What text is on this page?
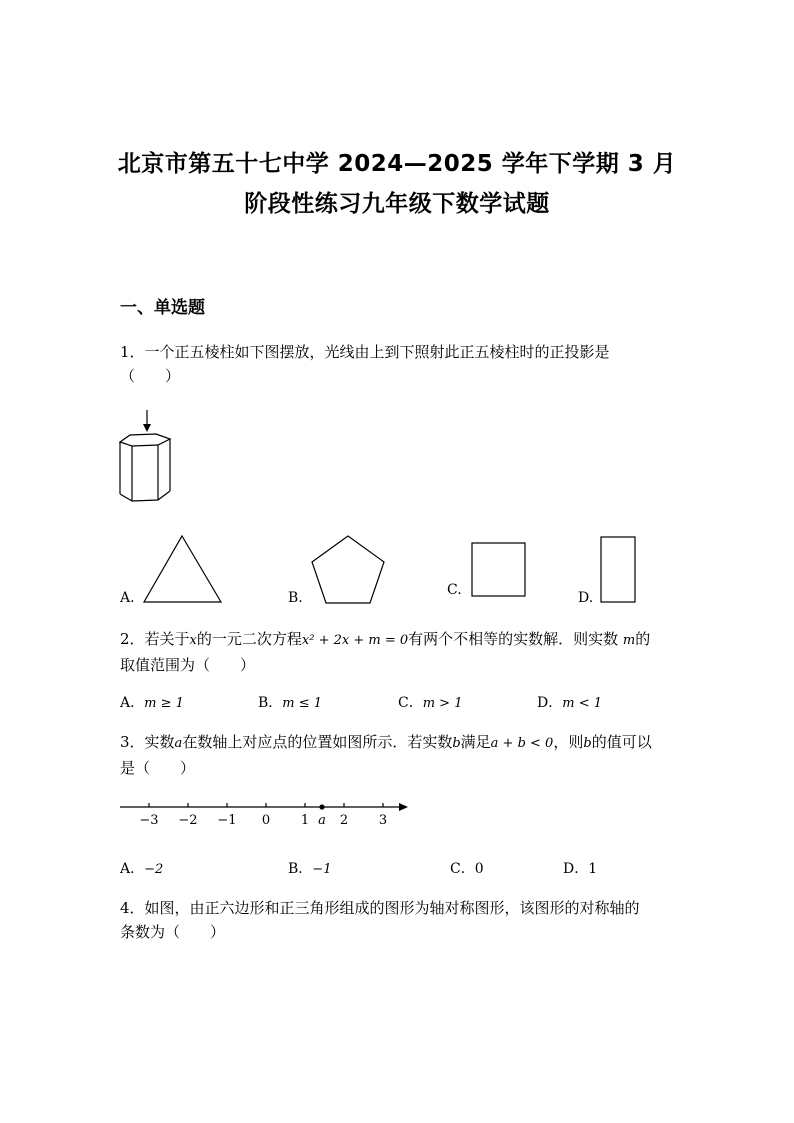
北京市第五十七中学 2024—2025 学年下学期 3 月
阶段性练习九年级下数学试题
一、单选题
1．一个正五棱柱如下图摆放，光线由上到下照射此正五棱柱时的正投影是
（　　）
A.	B.	C.	D.
2．若关于x的一元二次方程x² + 2x + m = 0有两个不相等的实数解．则实数 m的
取值范围为（　　）
A．m ≥ 1	B．m ≤ 1	C．m > 1	D．m < 1
3．实数a在数轴上对应点的位置如图所示．若实数b满足a + b < 0，则b的值可以
是（　　）
−3 −2 −1 0 1 a 2 3
A．−2	B．−1	C．0	D．1
4．如图，由正六边形和正三角形组成的图形为轴对称图形，该图形的对称轴的
条数为（　　）
